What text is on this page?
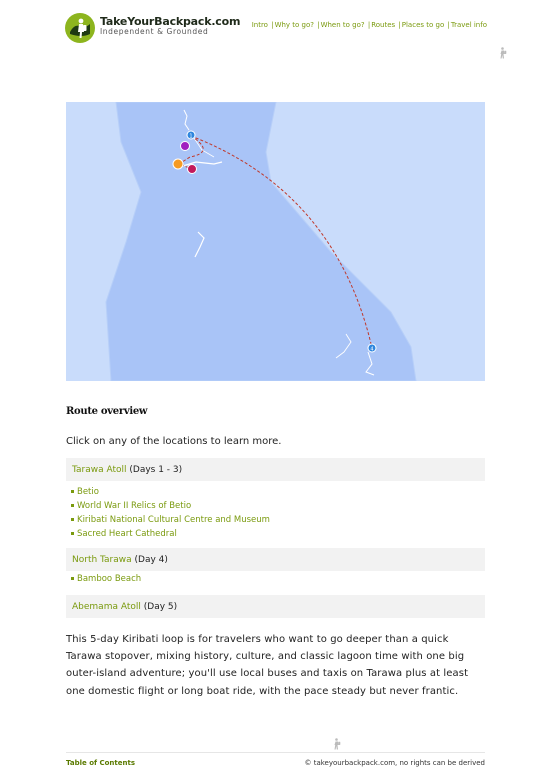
TakeYourBackpack.com
Independent & Grounded
Intro | Why to go? | When to go? | Routes | Places to go | Travel info
1
4
Route overview
Click on any of the locations to learn more.
Tarawa Atoll (Days 1 - 3)
Betio
World War II Relics of Betio
Kiribati National Cultural Centre and Museum
Sacred Heart Cathedral
North Tarawa (Day 4)
Bamboo Beach
Abemama Atoll (Day 5)
This 5-day Kiribati loop is for travelers who want to go deeper than a quick
Tarawa stopover, mixing history, culture, and classic lagoon time with one big
outer-island adventure; you'll use local buses and taxis on Tarawa plus at least
one domestic flight or long boat ride, with the pace steady but never frantic.
Table of Contents	© takeyourbackpack.com, no rights can be derived
